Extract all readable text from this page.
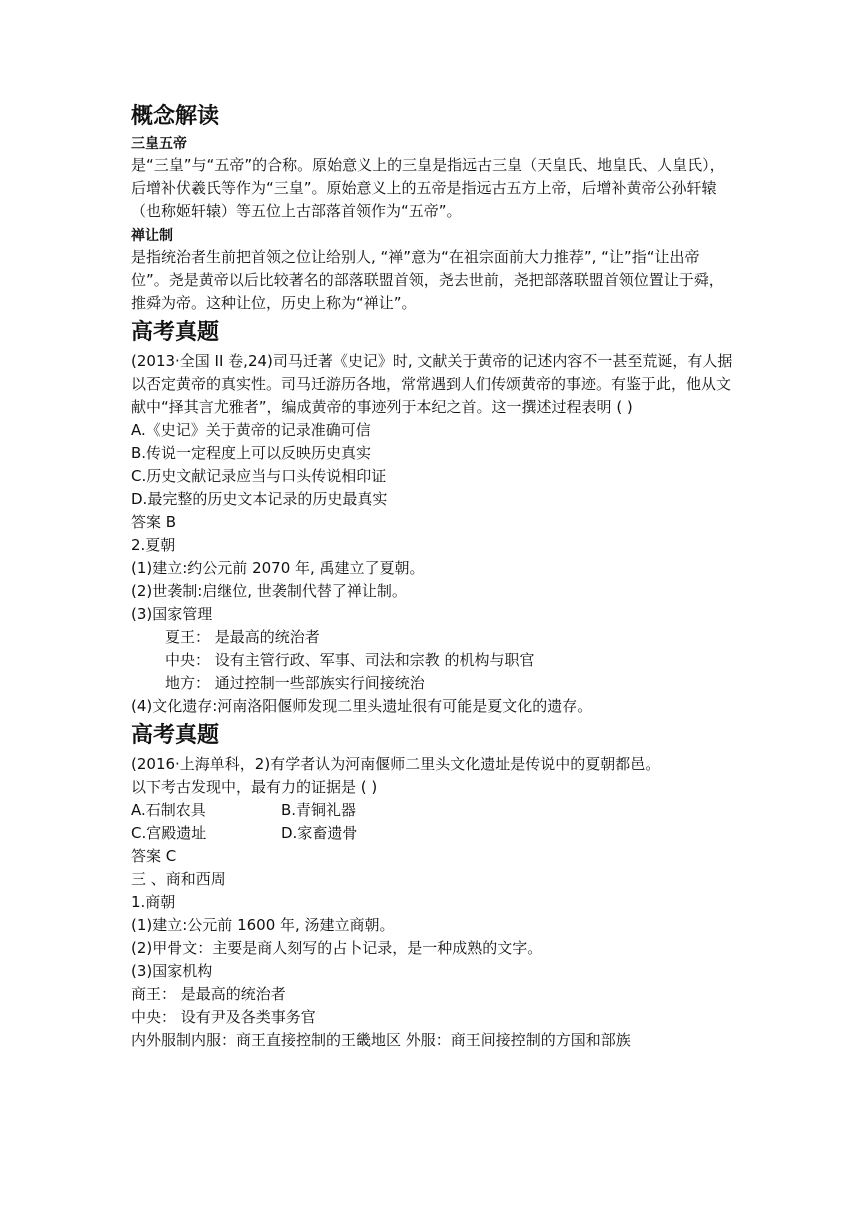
概念解读
三皇五帝
是“三皇”与“五帝”的合称。原始意义上的三皇是指远古三皇（天皇氏、地皇氏、人皇氏），后增补伏羲氏等作为“三皇”。原始意义上的五帝是指远古五方上帝，后增补黄帝公孙轩辕（也称姬轩辕）等五位上古部落首领作为“五帝”。
禅让制
是指统治者生前把首领之位让给别人, “禅”意为“在祖宗面前大力推荐”, “让”指“让出帝位”。尧是黄帝以后比较著名的部落联盟首领，尧去世前，尧把部落联盟首领位置让于舜，推舜为帝。这种让位，历史上称为“禅让”。
高考真题
(2013·全国 II 卷,24)司马迁著《史记》时, 文献关于黄帝的记述内容不一甚至荒诞，有人据以否定黄帝的真实性。司马迁游历各地，常常遇到人们传颂黄帝的事迹。有鉴于此，他从文献中“择其言尤雅者”，编成黄帝的事迹列于本纪之首。这一撰述过程表明 ( )
A.《史记》关于黄帝的记录准确可信
B.传说一定程度上可以反映历史真实
C.历史文献记录应当与口头传说相印证
D.最完整的历史文本记录的历史最真实
答案 B
2.夏朝
(1)建立:约公元前 2070 年, 禹建立了夏朝。
(2)世袭制:启继位, 世袭制代替了禅让制。
(3)国家管理
夏王： 是最高的统治者
中央： 设有主管行政、军事、司法和宗教 的机构与职官
地方： 通过控制一些部族实行间接统治
(4)文化遗存:河南洛阳偃师发现二里头遗址很有可能是夏文化的遗存。
高考真题
(2016·上海单科，2)有学者认为河南偃师二里头文化遗址是传说中的夏朝都邑。
以下考古发现中，最有力的证据是 ( )
A.石制农具	B.青铜礼器
C.宫殿遗址	D.家畜遗骨
答案 C
三 、商和西周
1.商朝
(1)建立:公元前 1600 年, 汤建立商朝。
(2)甲骨文：主要是商人刻写的占卜记录，是一种成熟的文字。
(3)国家机构
商王： 是最高的统治者
中央： 设有尹及各类事务官
内外服制内服：商王直接控制的王畿地区 外服：商王间接控制的方国和部族
